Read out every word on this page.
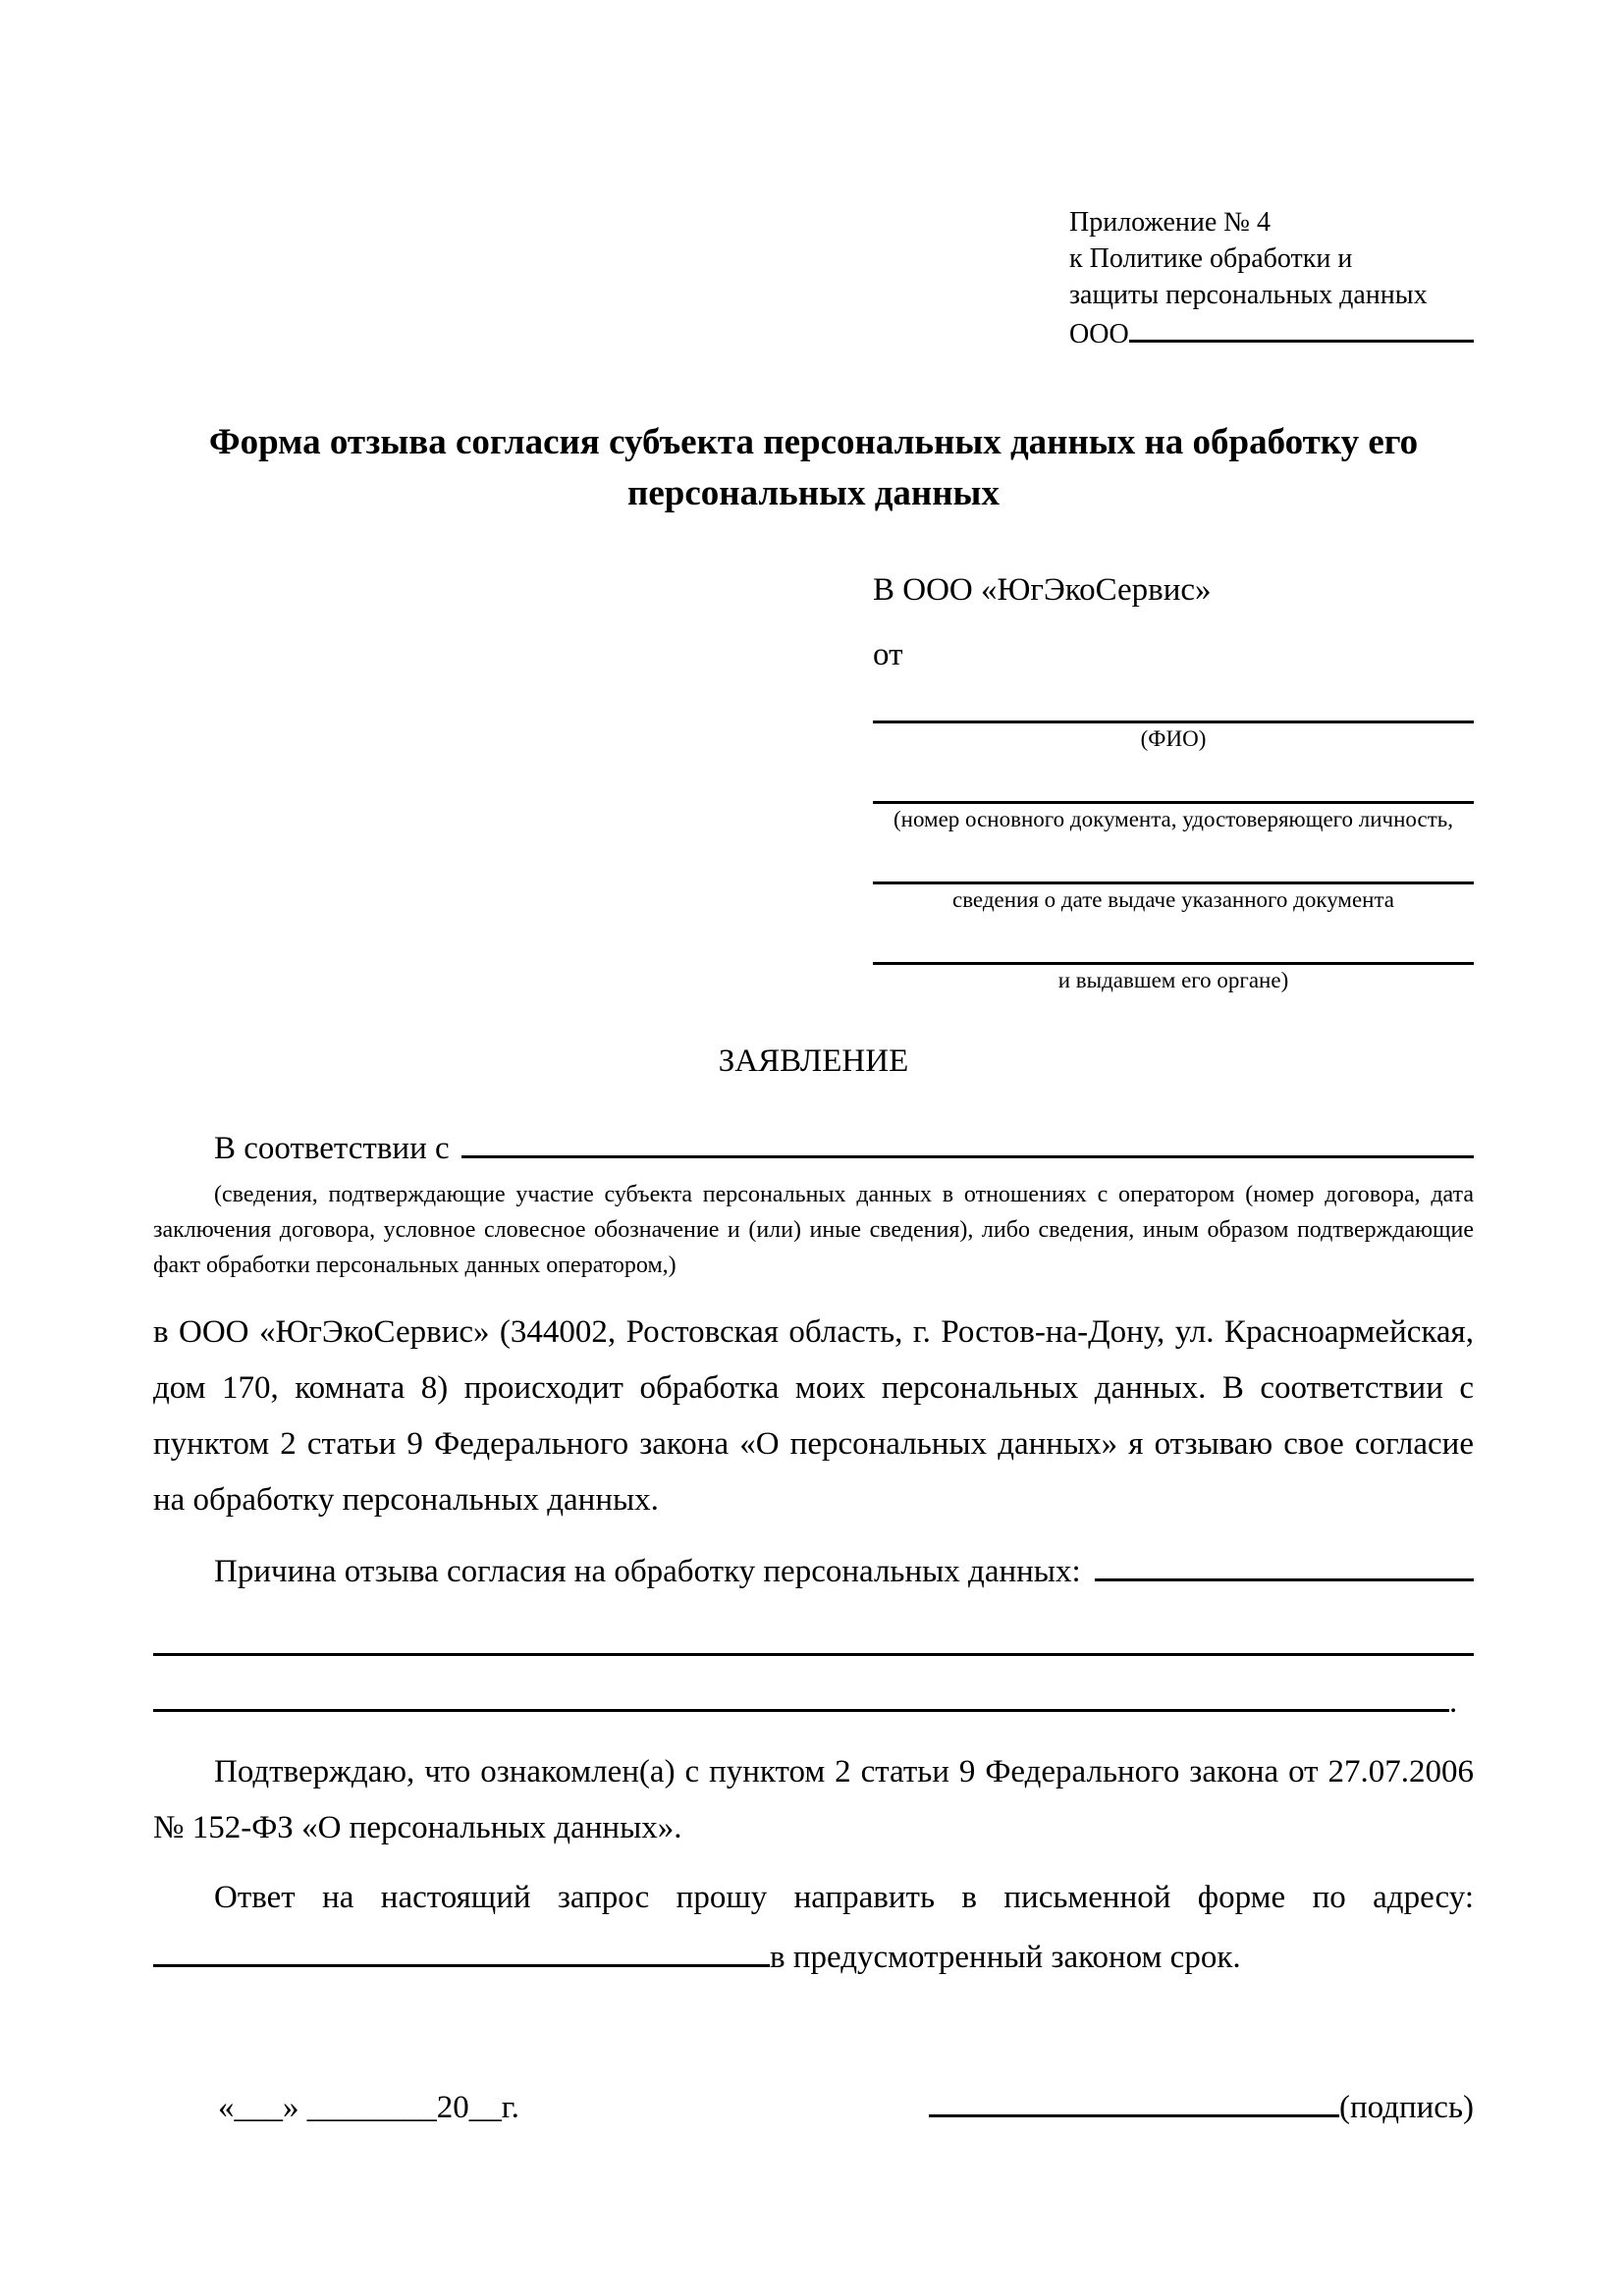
Приложение № 4
к Политике обработки и
защиты персональных данных
ООО
Форма отзыва согласия субъекта персональных данных на обработку его персональных данных
В ООО «ЮгЭкоСервис»
от
(ФИО)
(номер основного документа, удостоверяющего личность,
сведения о дате выдаче указанного документа
и выдавшем его органе)
ЗАЯВЛЕНИЕ
В соответствии с
(сведения, подтверждающие участие субъекта персональных данных в отношениях с оператором (номер договора, дата заключения договора, условное словесное обозначение и (или) иные сведения), либо сведения, иным образом подтверждающие факт обработки персональных данных оператором,)
в ООО «ЮгЭкоСервис» (344002, Ростовская область, г. Ростов-на-Дону, ул. Красноармейская, дом 170, комната 8) происходит обработка моих персональных данных. В соответствии с пунктом 2 статьи 9 Федерального закона «О персональных данных» я отзываю свое согласие на обработку персональных данных.
Причина отзыва согласия на обработку персональных данных:
.
Подтверждаю, что ознакомлен(а) с пунктом 2 статьи 9 Федерального закона от 27.07.2006 № 152-ФЗ «О персональных данных».
Ответ на настоящий запрос прошу направить в письменной форме по адресу:
в предусмотренный законом срок.
«___» ________20__г.	(подпись)
